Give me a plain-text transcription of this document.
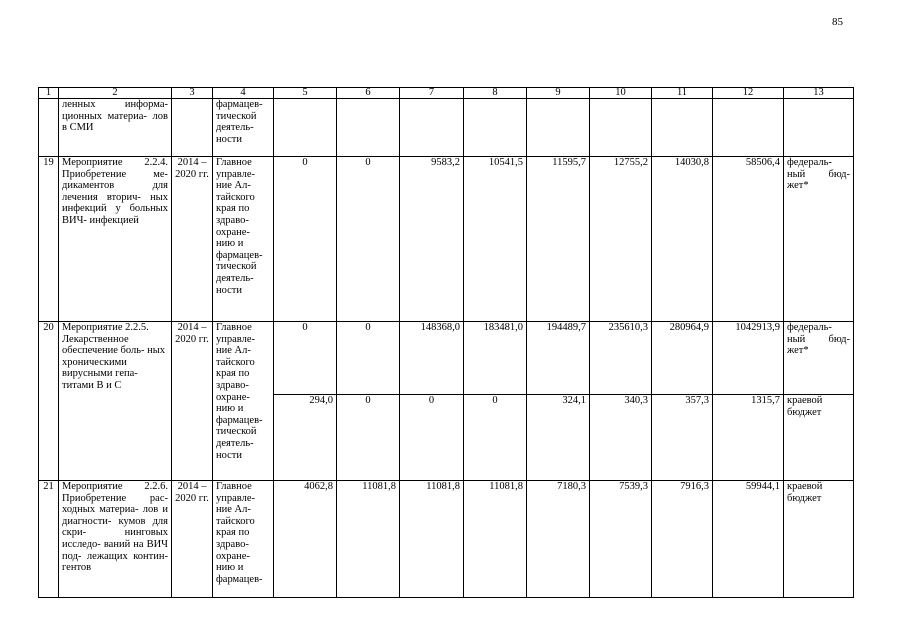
85
1	2	3	4	5	6	7	8	9	10	11	12	13
	ленных информа- ционных материа- лов в СМИ		фармацев- тической деятель- ности									
19	Мероприятие 2.2.4. Приобретение ме- дикаментов для лечения вторич- ных инфекций у больных ВИЧ- инфекцией	2014 – 2020 гг.	Главное управле- ние Ал- тайского края по здраво- охране- нию и фармацев- тической деятель- ности	0	0	9583,2	10541,5	11595,7	12755,2	14030,8	58506,4	федераль- ный бюд- жет*
20	Мероприятие 2.2.5. Лекарственное обеспечение боль- ных хроническими вирусными гепа- титами В и С	2014 – 2020 гг.	Главное управле- ние Ал- тайского края по здраво- охране- нию и фармацев- тической деятель- ности	0	0	148368,0	183481,0	194489,7	235610,3	280964,9	1042913,9	федераль- ный бюд- жет*
				294,0	0	0	0	324,1	340,3	357,3	1315,7	краевой бюджет
21	Мероприятие 2.2.6. Приобретение рас- ходных материа- лов и диагности- кумов для скри- нинговых исследо- ваний на ВИЧ под- лежащих контин- гентов	2014 – 2020 гг.	Главное управле- ние Ал- тайского края по здраво- охране- нию и фармацев-	4062,8	11081,8	11081,8	11081,8	7180,3	7539,3	7916,3	59944,1	краевой бюджет
